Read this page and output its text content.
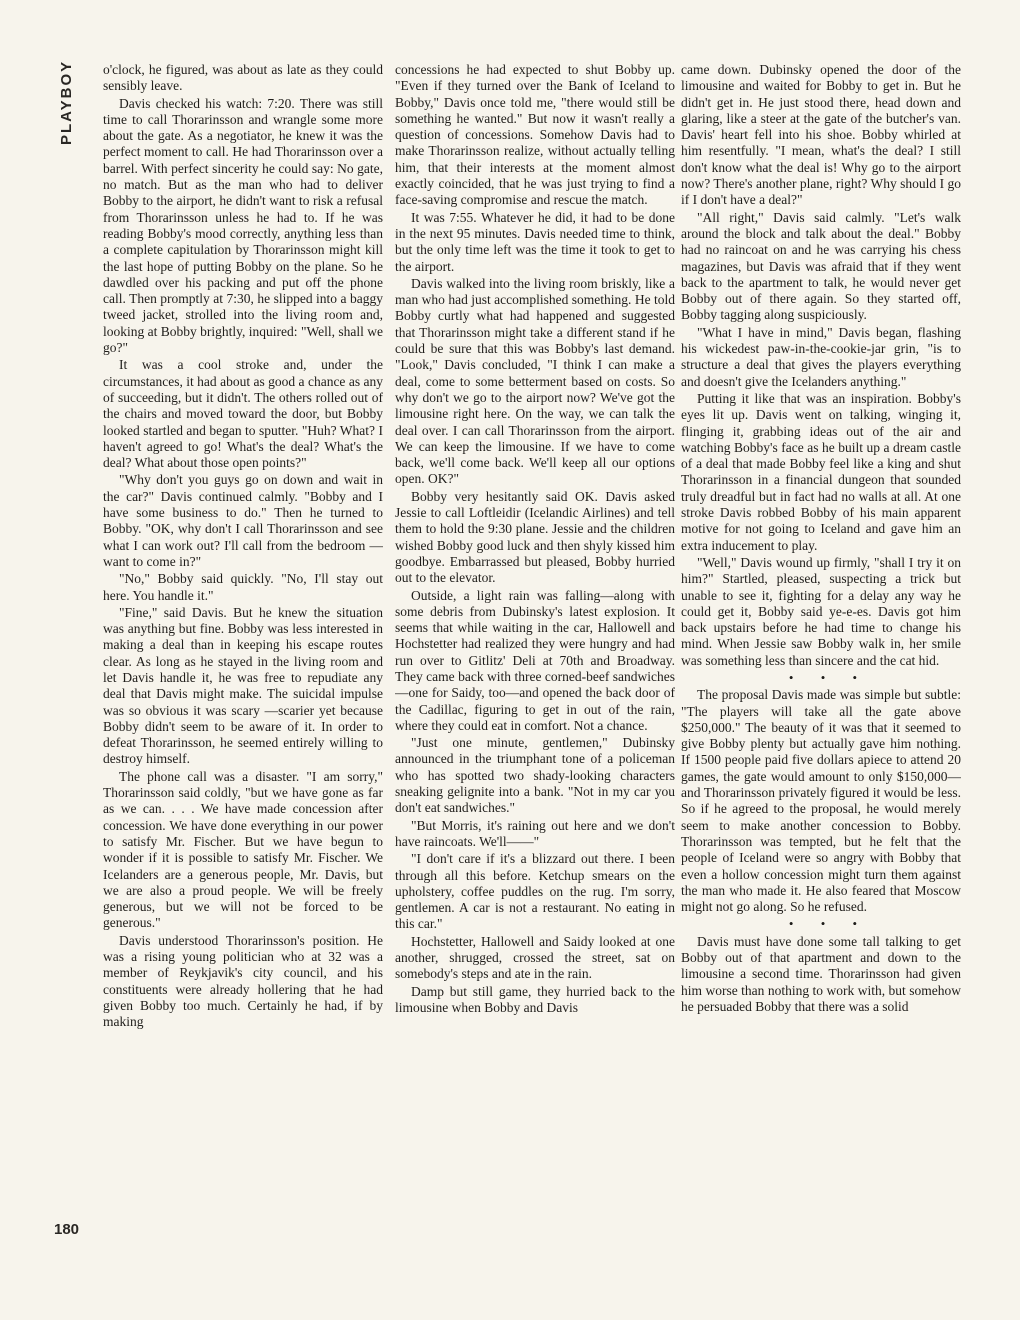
PLAYBOY	o'clock, he figured, was about as late as they could sensibly leave.

Davis checked his watch: 7:20. There was still time to call Thorarinsson and wrangle some more about the gate. As a negotiator, he knew it was the perfect moment to call. He had Thorarinsson over a barrel. With perfect sincerity he could say: No gate, no match. But as the man who had to deliver Bobby to the airport, he didn't want to risk a refusal from Thorarinsson unless he had to. If he was reading Bobby's mood correctly, anything less than a complete capitulation by Thorarinsson might kill the last hope of putting Bobby on the plane. So he dawdled over his packing and put off the phone call. Then promptly at 7:30, he slipped into a baggy tweed jacket, strolled into the living room and, looking at Bobby brightly, inquired: "Well, shall we go?"

It was a cool stroke and, under the circumstances, it had about as good a chance as any of succeeding, but it didn't. The others rolled out of the chairs and moved toward the door, but Bobby looked startled and began to sputter. "Huh? What? I haven't agreed to go! What's the deal? What's the deal? What about those open points?"

"Why don't you guys go on down and wait in the car?" Davis continued calmly. "Bobby and I have some business to do." Then he turned to Bobby. "OK, why don't I call Thorarinsson and see what I can work out? I'll call from the bedroom —want to come in?"

"No," Bobby said quickly. "No, I'll stay out here. You handle it."

"Fine," said Davis. But he knew the situation was anything but fine. Bobby was less interested in making a deal than in keeping his escape routes clear. As long as he stayed in the living room and let Davis handle it, he was free to repudiate any deal that Davis might make. The suicidal impulse was so obvious it was scary —scarier yet because Bobby didn't seem to be aware of it. In order to defeat Thorarinsson, he seemed entirely willing to destroy himself.

The phone call was a disaster. "I am sorry," Thorarinsson said coldly, "but we have gone as far as we can. . . . We have made concession after concession. We have done everything in our power to satisfy Mr. Fischer. But we have begun to wonder if it is possible to satisfy Mr. Fischer. We Icelanders are a generous people, Mr. Davis, but we are also a proud people. We will be freely generous, but we will not be forced to be generous."

Davis understood Thorarinsson's position. He was a rising young politician who at 32 was a member of Reykjavik's city council, and his constituents were already hollering that he had given Bobby too much. Certainly he had, if by making

concessions he had expected to shut Bobby up. "Even if they turned over the Bank of Iceland to Bobby," Davis once told me, "there would still be something he wanted." But now it wasn't really a question of concessions. Somehow Davis had to make Thorarinsson realize, without actually telling him, that their interests at the moment almost exactly coincided, that he was just trying to find a face-saving compromise and rescue the match.

It was 7:55. Whatever he did, it had to be done in the next 95 minutes. Davis needed time to think, but the only time left was the time it took to get to the airport.

Davis walked into the living room briskly, like a man who had just accomplished something. He told Bobby curtly what had happened and suggested that Thorarinsson might take a different stand if he could be sure that this was Bobby's last demand. "Look," Davis concluded, "I think I can make a deal, come to some betterment based on costs. So why don't we go to the airport now? We've got the limousine right here. On the way, we can talk the deal over. I can call Thorarinsson from the airport. We can keep the limousine. If we have to come back, we'll come back. We'll keep all our options open. OK?"

Bobby very hesitantly said OK. Davis asked Jessie to call Loftleidir (Icelandic Airlines) and tell them to hold the 9:30 plane. Jessie and the children wished Bobby good luck and then shyly kissed him goodbye. Embarrassed but pleased, Bobby hurried out to the elevator.

Outside, a light rain was falling—along with some debris from Dubinsky's latest explosion. It seems that while waiting in the car, Hallowell and Hochstetter had realized they were hungry and had run over to Gitlitz' Deli at 70th and Broadway. They came back with three corned-beef sandwiches—one for Saidy, too—and opened the back door of the Cadillac, figuring to get in out of the rain, where they could eat in comfort. Not a chance.

"Just one minute, gentlemen," Dubinsky announced in the triumphant tone of a policeman who has spotted two shady-looking characters sneaking gelignite into a bank. "Not in my car you don't eat sandwiches."

"But Morris, it's raining out here and we don't have raincoats. We'll——"

"I don't care if it's a blizzard out there. I been through all this before. Ketchup smears on the upholstery, coffee puddles on the rug. I'm sorry, gentlemen. A car is not a restaurant. No eating in this car."

Hochstetter, Hallowell and Saidy looked at one another, shrugged, crossed the street, sat on somebody's steps and ate in the rain.

Damp but still game, they hurried back to the limousine when Bobby and Davis

came down. Dubinsky opened the door of the limousine and waited for Bobby to get in. But he didn't get in. He just stood there, head down and glaring, like a steer at the gate of the butcher's van. Davis' heart fell into his shoe. Bobby whirled at him resentfully. "I mean, what's the deal? I still don't know what the deal is! Why go to the airport now? There's another plane, right? Why should I go if I don't have a deal?"

"All right," Davis said calmly. "Let's walk around the block and talk about the deal." Bobby had no raincoat on and he was carrying his chess magazines, but Davis was afraid that if they went back to the apartment to talk, he would never get Bobby out of there again. So they started off, Bobby tagging along suspiciously.

"What I have in mind," Davis began, flashing his wickedest paw-in-the-cookie-jar grin, "is to structure a deal that gives the players everything and doesn't give the Icelanders anything."

Putting it like that was an inspiration. Bobby's eyes lit up. Davis went on talking, winging it, flinging it, grabbing ideas out of the air and watching Bobby's face as he built up a dream castle of a deal that made Bobby feel like a king and shut Thorarinsson in a financial dungeon that sounded truly dreadful but in fact had no walls at all. At one stroke Davis robbed Bobby of his main apparent motive for not going to Iceland and gave him an extra inducement to play.

"Well," Davis wound up firmly, "shall I try it on him?" Startled, pleased, suspecting a trick but unable to see it, fighting for a delay any way he could get it, Bobby said ye-e-es. Davis got him back upstairs before he had time to change his mind. When Jessie saw Bobby walk in, her smile was something less than sincere and the cat hid.

• • •

The proposal Davis made was simple but subtle: "The players will take all the gate above $250,000." The beauty of it was that it seemed to give Bobby plenty but actually gave him nothing. If 1500 people paid five dollars apiece to attend 20 games, the gate would amount to only $150,000—and Thorarinsson privately figured it would be less. So if he agreed to the proposal, he would merely seem to make another concession to Bobby. Thorarinsson was tempted, but he felt that the people of Iceland were so angry with Bobby that even a hollow concession might turn them against the man who made it. He also feared that Moscow might not go along. So he refused.

• • •

Davis must have done some tall talking to get Bobby out of that apartment and down to the limousine a second time. Thorarinsson had given him worse than nothing to work with, but somehow he persuaded Bobby that there was a solid

180
